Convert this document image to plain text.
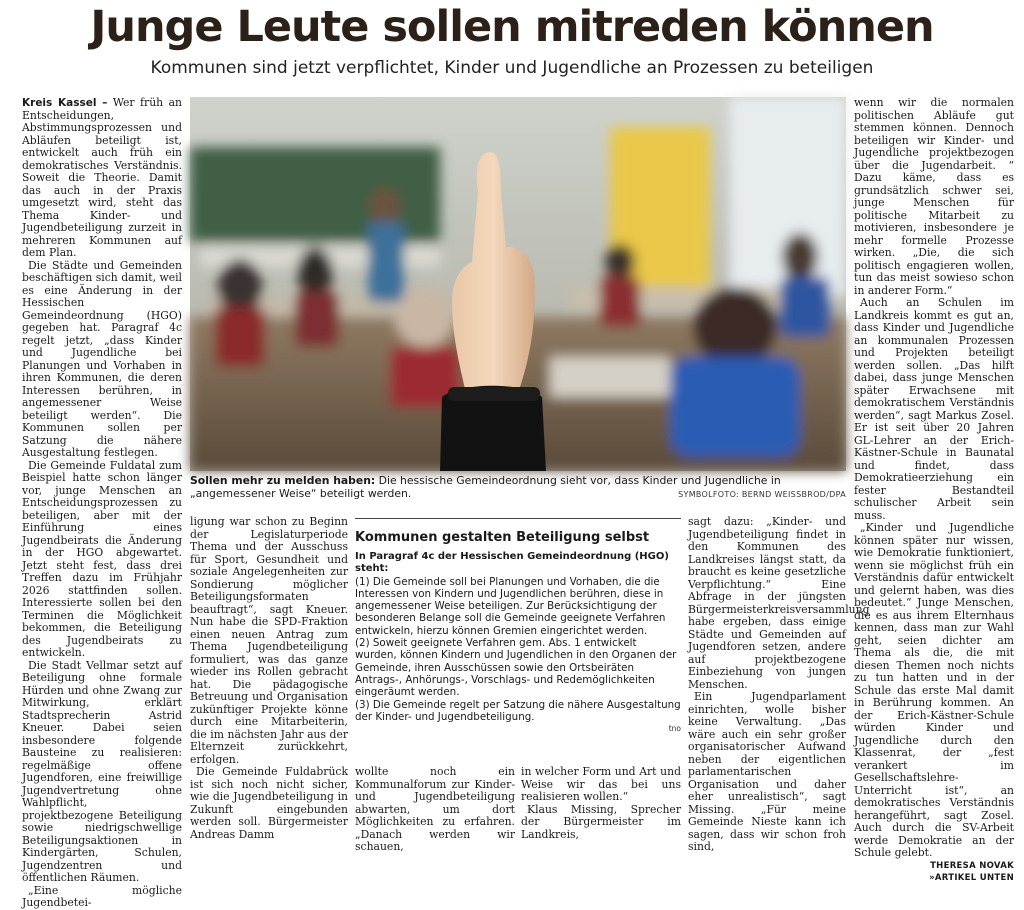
Junge Leute sollen mitreden können
Kommunen sind jetzt verpflichtet, Kinder und Jugendliche an Prozessen zu beteiligen

Kreis Kassel – Wer früh an Entscheidungen, Abstimmungsprozessen und Abläufen beteiligt ist, entwickelt auch früh ein demokratisches Verständnis. Soweit die Theorie. Damit das auch in der Praxis umgesetzt wird, steht das Thema Kinder- und Jugendbeteiligung zurzeit in mehreren Kommunen auf dem Plan.

Die Städte und Gemeinden beschäftigen sich damit, weil es eine Änderung in der Hessischen Gemeindeordnung (HGO) gegeben hat. Paragraf 4c regelt jetzt, „dass Kinder und Jugendliche bei Planungen und Vorhaben in ihren Kommunen, die deren Interessen berühren, in angemessener Weise beteiligt werden“. Die Kommunen sollen per Satzung die nähere Ausgestaltung festlegen.

Die Gemeinde Fuldatal zum Beispiel hatte schon länger vor, junge Menschen an Entscheidungsprozessen zu beteiligen, aber mit der Einführung eines Jugendbeirats die Änderung in der HGO abgewartet. Jetzt steht fest, dass drei Treffen dazu im Frühjahr 2026 stattfinden sollen. Interessierte sollen bei den Terminen die Möglichkeit bekommen, die Beteiligung des Jugendbeirats zu entwickeln.

Die Stadt Vellmar setzt auf Beteiligung ohne formale Hürden und ohne Zwang zur Mitwirkung, erklärt Stadtsprecherin Astrid Kneuer. Dabei seien insbesondere folgende Bausteine zu realisieren: regelmäßige offene Jugendforen, eine freiwillige Jugendvertretung ohne Wahlpflicht, projektbezogene Beteiligung sowie niedrigschwellige Beteiligungsaktionen in Kindergärten, Schulen, Jugendzentren und öffentlichen Räumen.

„Eine mögliche Jugendbetei-

Sollen mehr zu melden haben: Die hessische Gemeindeordnung sieht vor, dass Kinder und Jugendliche in „angemessener Weise“ beteiligt werden.	SYMBOLFOTO: BERND WEISSBROD/DPA

ligung war schon zu Beginn der Legislaturperiode Thema und der Ausschuss für Sport, Gesundheit und soziale Angelegenheiten zur Sondierung möglicher Beteiligungsformaten beauftragt“, sagt Kneuer. Nun habe die SPD-Fraktion einen neuen Antrag zum Thema Jugendbeteiligung formuliert, was das ganze wieder ins Rollen gebracht hat. Die pädagogische Betreuung und Organisation zukünftiger Projekte könne durch eine Mitarbeiterin, die im nächsten Jahr aus der Elternzeit zurückkehrt, erfolgen.

Die Gemeinde Fuldabrück ist sich noch nicht sicher, wie die Jugendbeteiligung in Zukunft eingebunden werden soll. Bürgermeister Andreas Damm

Kommunen gestalten Beteiligung selbst
In Paragraf 4c der Hessischen Gemeindeordnung (HGO) steht:

(1) Die Gemeinde soll bei Planungen und Vorhaben, die die Interessen von Kindern und Jugendlichen berühren, diese in angemessener Weise beteiligen. Zur Berücksichtigung der besonderen Belange soll die Gemeinde geeignete Verfahren entwickeln, hierzu können Gremien eingerichtet werden.

(2) Soweit geeignete Verfahren gem. Abs. 1 entwickelt wurden, können Kindern und Jugendlichen in den Organen der Gemeinde, ihren Ausschüssen sowie den Ortsbeiräten Antrags-, Anhörungs-, Vorschlags- und Redemöglichkeiten eingeräumt werden.

(3) Die Gemeinde regelt per Satzung die nähere Ausgestaltung der Kinder- und Jugendbeteiligung.

tno

wollte noch ein Kommunalforum zur Kinder- und Jugendbeteiligung abwarten, um dort Möglichkeiten zu erfahren. „Danach werden wir schauen,

in welcher Form und Art und Weise wir das bei uns realisieren wollen.“

Klaus Missing, Sprecher der Bürgermeister im Landkreis,

sagt dazu: „Kinder- und Jugendbeteiligung findet in den Kommunen des Landkreises längst statt, da braucht es keine gesetzliche Verpflichtung.“ Eine Abfrage in der jüngsten Bürgermeisterkreisversammlung habe ergeben, dass einige Städte und Gemeinden auf Jugendforen setzen, andere auf projektbezogene Einbeziehung von jungen Menschen.

Ein Jugendparlament einrichten, wolle bisher keine Verwaltung. „Das wäre auch ein sehr großer organisatorischer Aufwand neben der eigentlichen parlamentarischen Organisation und daher eher unrealistisch“, sagt Missing. „Für meine Gemeinde Nieste kann ich sagen, dass wir schon froh sind,

wenn wir die normalen politischen Abläufe gut stemmen können. Dennoch beteiligen wir Kinder- und Jugendliche projektbezogen über die Jugendarbeit. “ Dazu käme, dass es grundsätzlich schwer sei, junge Menschen für politische Mitarbeit zu motivieren, insbesondere je mehr formelle Prozesse wirken. „Die, die sich politisch engagieren wollen, tun das meist sowieso schon in anderer Form.“

Auch an Schulen im Landkreis kommt es gut an, dass Kinder und Jugendliche an kommunalen Prozessen und Projekten beteiligt werden sollen. „Das hilft dabei, dass junge Menschen später Erwachsene mit demokratischem Verständnis werden“, sagt Markus Zosel. Er ist seit über 20 Jahren GL-Lehrer an der Erich-Kästner-Schule in Baunatal und findet, dass Demokratieerziehung ein fester Bestandteil schulischer Arbeit sein muss.

„Kinder und Jugendliche können später nur wissen, wie Demokratie funktioniert, wenn sie möglichst früh ein Verständnis dafür entwickelt und gelernt haben, was dies bedeutet.“ Junge Menschen, die es aus ihrem Elternhaus kennen, dass man zur Wahl geht, seien dichter am Thema als die, die mit diesen Themen noch nichts zu tun hatten und in der Schule das erste Mal damit in Berührung kommen. An der Erich-Kästner-Schule würden Kinder und Jugendliche durch den Klassenrat, der „fest verankert im Gesellschaftslehre-Unterricht ist“, an demokratisches Verständnis herangeführt, sagt Zosel. Auch durch die SV-Arbeit werde Demokratie an der Schule gelebt.

THERESA NOVAK
»ARTIKEL UNTEN
